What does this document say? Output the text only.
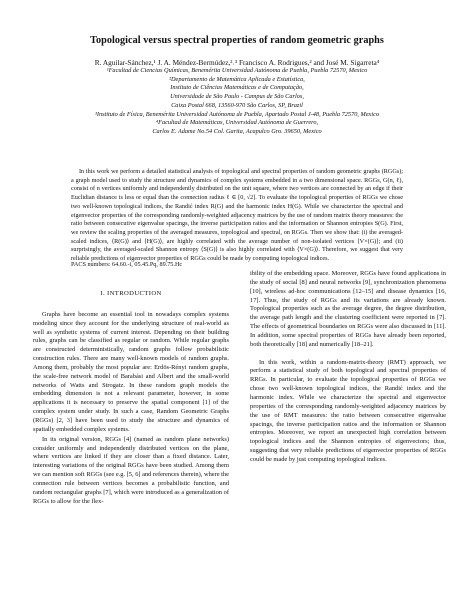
Topological versus spectral properties of random geometric graphs
R. Aguilar-Sánchez,¹ J. A. Méndez-Bermúdez,²˒³ Francisco A. Rodrigues,² and José M. Sigarreta⁴
¹Facultad de Ciencias Químicas, Benemérita Universidad Autónoma de Puebla, Puebla 72570, Mexico
²Departamento de Matemática Aplicada e Estatística,
Instituto de Ciências Matemáticas e de Computação,
Universidade de São Paulo - Campus de São Carlos,
Caixa Postal 668, 13560-970 São Carlos, SP, Brazil
³Instituto de Física, Benemérita Universidad Autónoma de Puebla, Apartado Postal J-48, Puebla 72570, Mexico
⁴Facultad de Matemáticas, Universidad Autónoma de Guerrero,
Carlos E. Adame No.54 Col. Garita, Acapulco Gro. 39650, Mexico
In this work we perform a detailed statistical analysis of topological and spectral properties of random geometric graphs (RGGs); a graph model used to study the structure and dynamics of complex systems embedded in a two dimensional space. RGGs, G(n, ℓ), consist of n vertices uniformly and independently distributed on the unit square, where two vertices are connected by an edge if their Euclidian distance is less or equal than the connection radius ℓ ∈ [0, √2]. To evaluate the topological properties of RGGs we chose two well-known topological indices, the Randić index R(G) and the harmonic index H(G). While we characterize the spectral and eigenvector properties of the corresponding randomly-weighted adjacency matrices by the use of random matrix theory measures: the ratio between consecutive eigenvalue spacings, the inverse participation ratios and the information or Shannon entropies S(G). First, we review the scaling properties of the averaged measures, topological and spectral, on RGGs. Then we show that: (i) the averaged-scaled indices, ⟨R(G)⟩ and ⟨H(G)⟩, are highly correlated with the average number of non-isolated vertices ⟨V×(G)⟩; and (ii) surprisingly, the averaged-scaled Shannon entropy ⟨S(G)⟩ is also highly correlated with ⟨V×(G)⟩. Therefore, we suggest that very reliable predictions of eigenvector properties of RGGs could be made by computing topological indices.
PACS numbers: 64.60.-i, 05.45.Pq, 89.75.Hc
I. INTRODUCTION

Graphs have become an essential tool in nowadays complex systems modeling since they account for the underlying structure of real-world as well as synthetic systems of current interest. Depending on their building rules, graphs can be classified as regular or random. While regular graphs are constructed deterministically, random graphs follow probabilistic construction rules. There are many well-known models of random graphs. Among them, probably the most popular are: Erdös-Rényi random graphs, the scale-free network model of Barabási and Albert and the small-world networks of Watts and Strogatz. In these random graph models the embedding dimension is not a relevant parameter, however, in some applications it is necessary to preserve the spatial component [1] of the complex system under study. In such a case, Random Geometric Graphs (RGGs) [2, 3] have been used to study the structure and dynamics of spatially embedded complex systems.

In its original version, RGGs [4] (named as random plane networks) consider uniformly and independently distributed vertices on the plane, where vertices are linked if they are closer than a fixed distance. Later, interesting variations of the original RGGs have been studied. Among them we can mention soft RGGs (see e.g. [5, 6] and references therein), where the connection rule between vertices becomes a probabilistic function, and random rectangular graphs [7], which were introduced as a generalization of RGGs to allow for the flex-

ibility of the embedding space. Moreover, RGGs have found applications in the study of social [8] and neural networks [9], synchronization phenomena [10], wireless ad-hoc communications [12–15] and disease dynamics [16, 17]. Thus, the study of RGGs and its variations are already known. Topological properties such as the average degree, the degree distribution, the average path length and the clustering coefficient were reported in [7]. The effects of geometrical boundaries on RGGs were also discussed in [11]. In addition, some spectral properties of RGGs have already been reported, both theoretically [18] and numerically [18–21].

In this work, within a random-matrix-theory (RMT) approach, we perform a statistical study of both topological and spectral properties of RRGs. In particular, to evaluate the topological properties of RGGs we chose two well-known topological indices, the Randić index and the harmonic index. While we characterize the spectral and eigenvector properties of the corresponding randomly-weighted adjacency matrices by the use of RMT measures: the ratio between consecutive eigenvalue spacings, the inverse participation ratios and the information or Shannon entropies. Moreover, we report an unexpected high correlation between topological indices and the Shannon entropies of eigenvectors; thus, suggesting that very reliable predictions of eigenvector properties of RGGs could be made by just computing topological indices.
